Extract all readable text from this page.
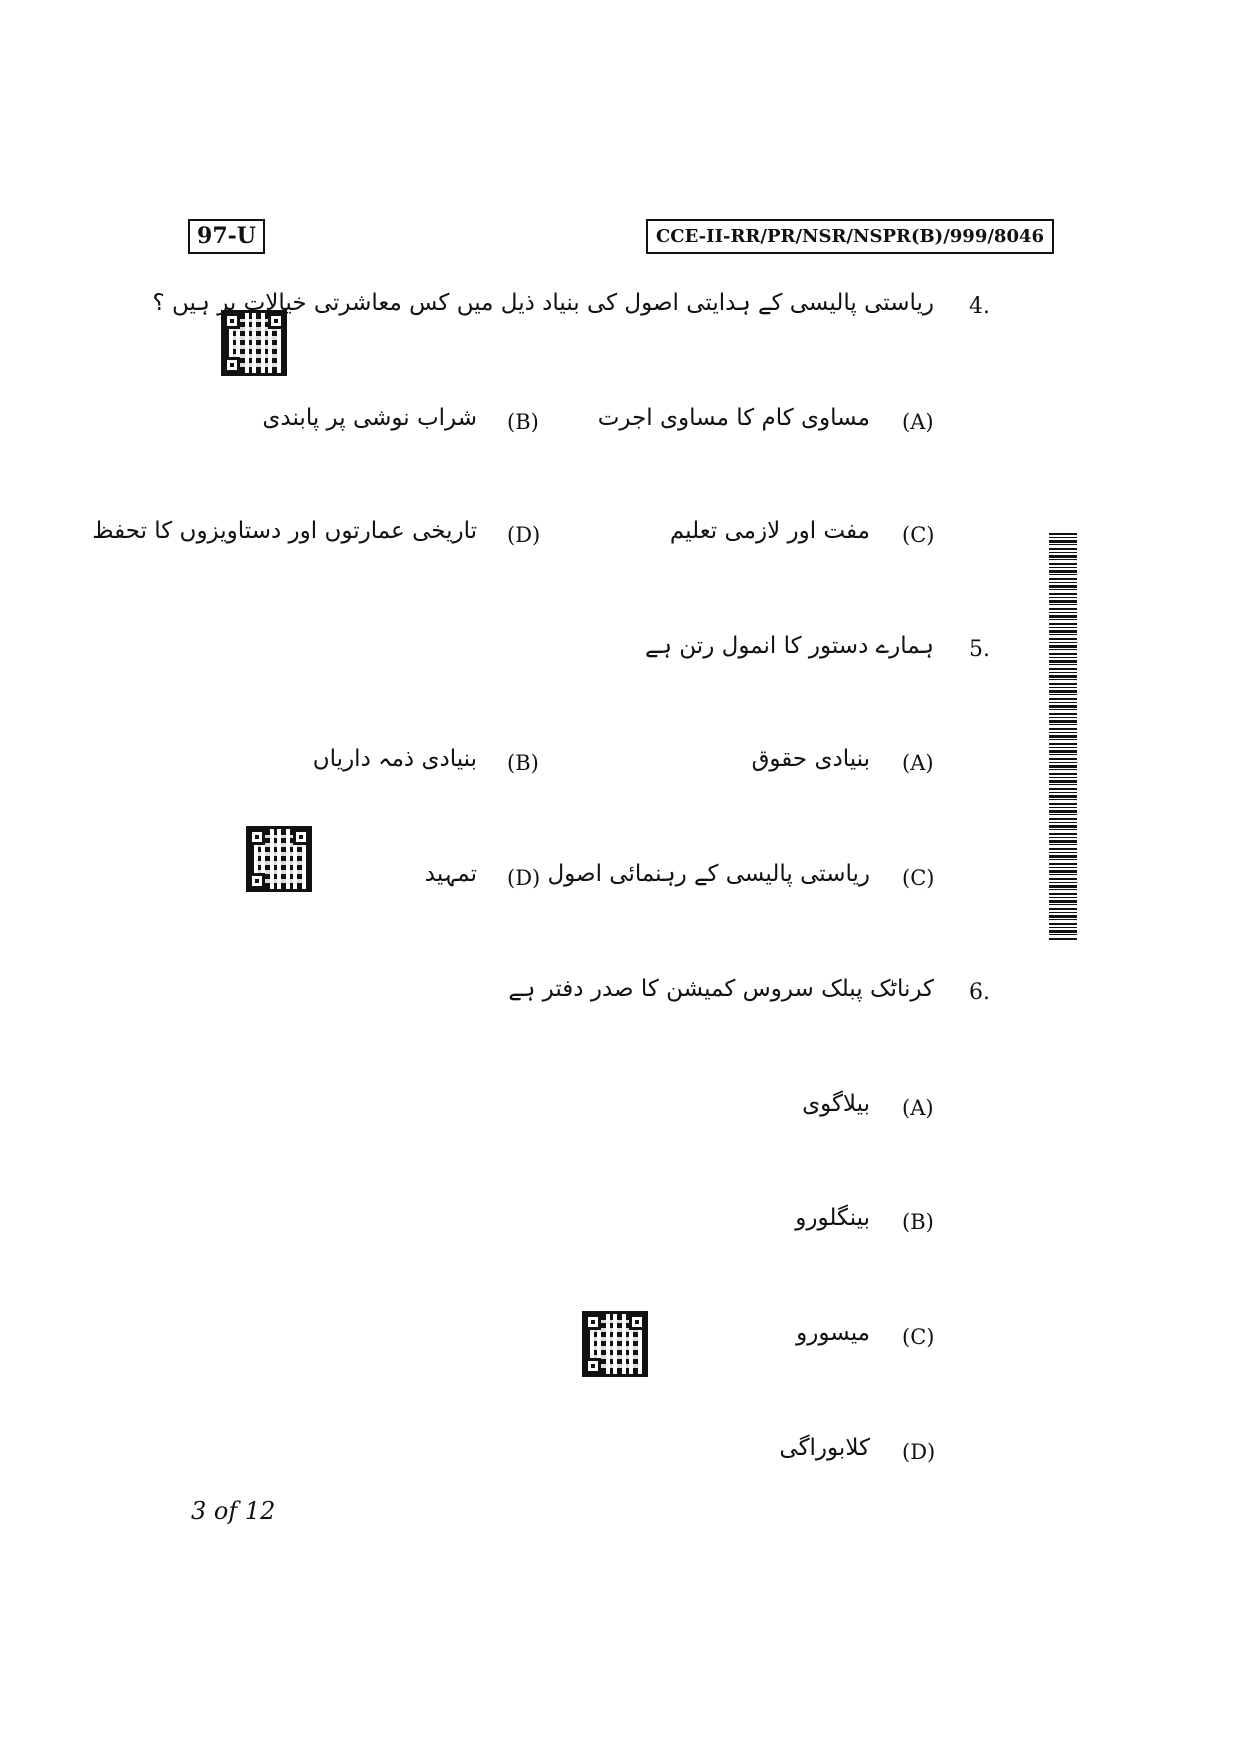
97-U	CCE-II-RR/PR/NSR/NSPR(B)/999/8046
4.
ریاستی پالیسی کے ہدایتی اصول کی بنیاد ذیل میں کس معاشرتی خیالات پر ہیں ؟
(A)
مساوی کام کا مساوی اجرت
(B)
شراب نوشی پر پابندی
(C)
مفت اور لازمی تعلیم
(D)
تاریخی عمارتوں اور دستاویزوں کا تحفظ
5.
ہمارے دستور کا انمول رتن ہے
(A)
بنیادی حقوق
(B)
بنیادی ذمہ داریاں
(C)
ریاستی پالیسی کے رہنمائی اصول
(D)
تمہید
6.
کرناٹک پبلک سروس کمیشن کا صدر دفتر ہے
(A)
بیلاگوی
(B)
بینگلورو
(C)
میسورو
(D)
کلابوراگی
3 of 12
